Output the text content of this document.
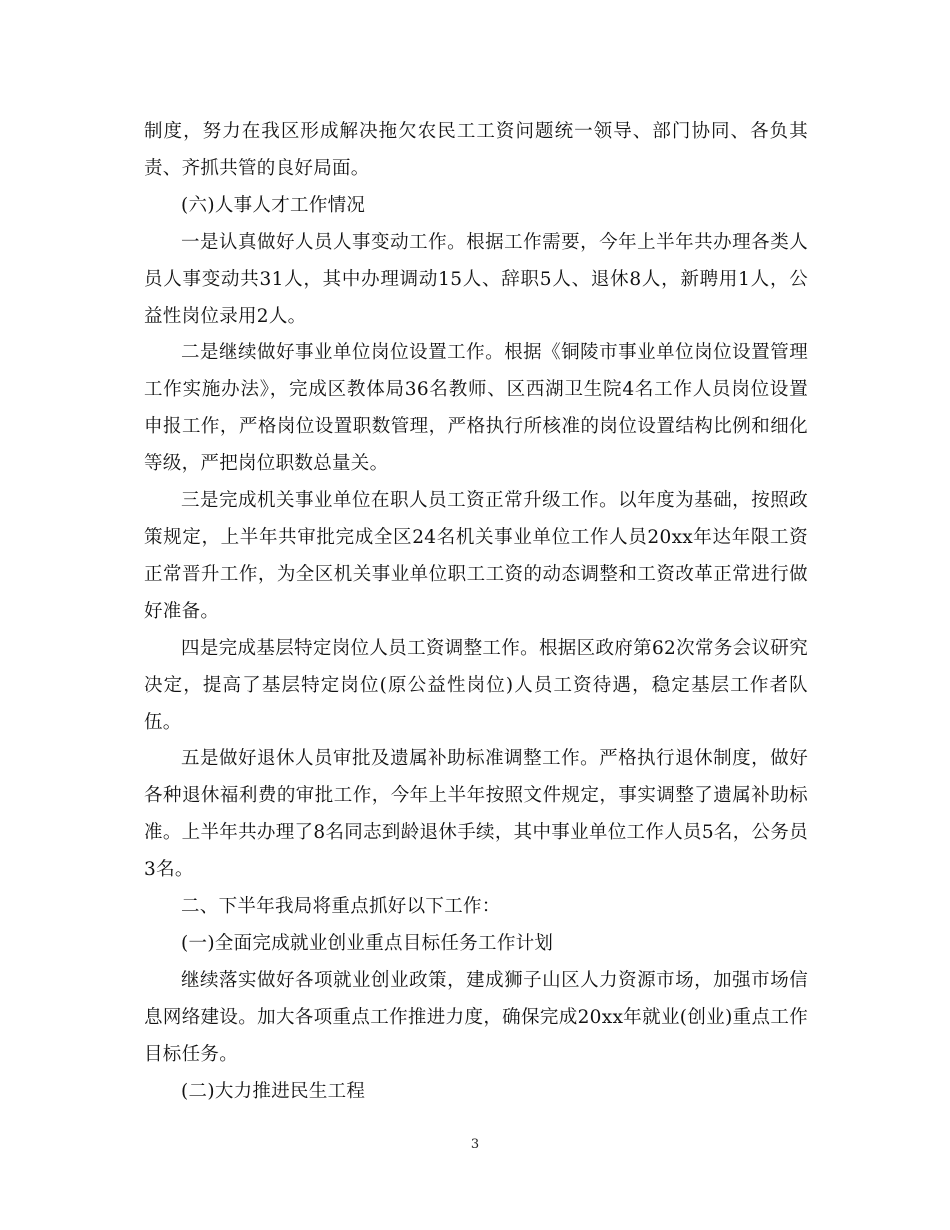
制度，努力在我区形成解决拖欠农民工工资问题统一领导、部门协同、各负其责、齐抓共管的良好局面。

(六)人事人才工作情况

一是认真做好人员人事变动工作。根据工作需要，今年上半年共办理各类人员人事变动共31人，其中办理调动15人、辞职5人、退休8人，新聘用1人，公益性岗位录用2人。

二是继续做好事业单位岗位设置工作。根据《铜陵市事业单位岗位设置管理工作实施办法》，完成区教体局36名教师、区西湖卫生院4名工作人员岗位设置申报工作，严格岗位设置职数管理，严格执行所核准的岗位设置结构比例和细化等级，严把岗位职数总量关。

三是完成机关事业单位在职人员工资正常升级工作。以年度为基础，按照政策规定，上半年共审批完成全区24名机关事业单位工作人员20xx年达年限工资正常晋升工作，为全区机关事业单位职工工资的动态调整和工资改革正常进行做好准备。

四是完成基层特定岗位人员工资调整工作。根据区政府第62次常务会议研究决定，提高了基层特定岗位(原公益性岗位)人员工资待遇，稳定基层工作者队伍。

五是做好退休人员审批及遗属补助标准调整工作。严格执行退休制度，做好各种退休福利费的审批工作，今年上半年按照文件规定，事实调整了遗属补助标准。上半年共办理了8名同志到龄退休手续，其中事业单位工作人员5名，公务员3名。

二、下半年我局将重点抓好以下工作：

(一)全面完成就业创业重点目标任务工作计划

继续落实做好各项就业创业政策，建成狮子山区人力资源市场，加强市场信息网络建设。加大各项重点工作推进力度，确保完成20xx年就业(创业)重点工作目标任务。

(二)大力推进民生工程

3
